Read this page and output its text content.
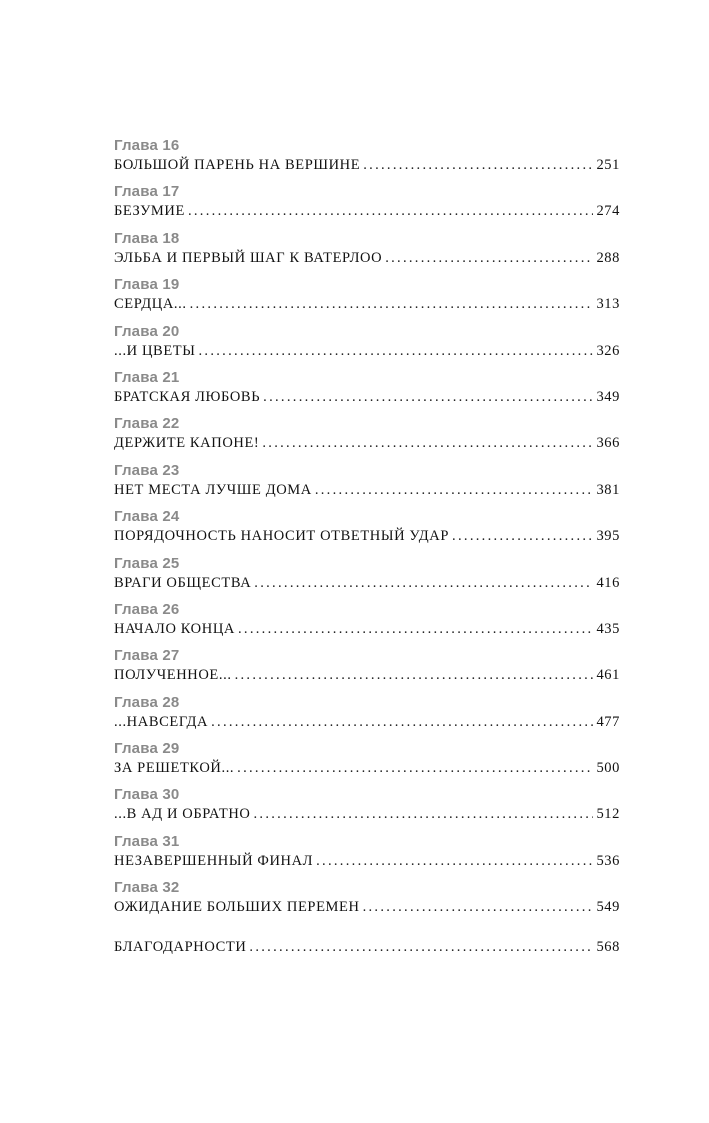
Глава 16
БОЛЬШОЙ ПАРЕНЬ НА ВЕРШИНЕ .....	251
Глава 17
БЕЗУМИЕ .....	274
Глава 18
ЭЛЬБА И ПЕРВЫЙ ШАГ К ВАТЕРЛОО .....	288
Глава 19
СЕРДЦА... .....	313
Глава 20
...И ЦВЕТЫ .....	326
Глава 21
БРАТСКАЯ ЛЮБОВЬ .....	349
Глава 22
ДЕРЖИТЕ КАПОНЕ! .....	366
Глава 23
НЕТ МЕСТА ЛУЧШЕ ДОМА .....	381
Глава 24
ПОРЯДОЧНОСТЬ НАНОСИТ ОТВЕТНЫЙ УДАР .....	395
Глава 25
ВРАГИ ОБЩЕСТВА .....	416
Глава 26
НАЧАЛО КОНЦА .....	435
Глава 27
ПОЛУЧЕННОЕ... .....	461
Глава 28
...НАВСЕГДА .....	477
Глава 29
ЗА РЕШЕТКОЙ... .....	500
Глава 30
...В АД И ОБРАТНО .....	512
Глава 31
НЕЗАВЕРШЕННЫЙ ФИНАЛ .....	536
Глава 32
ОЖИДАНИЕ БОЛЬШИХ ПЕРЕМЕН .....	549
БЛАГОДАРНОСТИ .....	568
